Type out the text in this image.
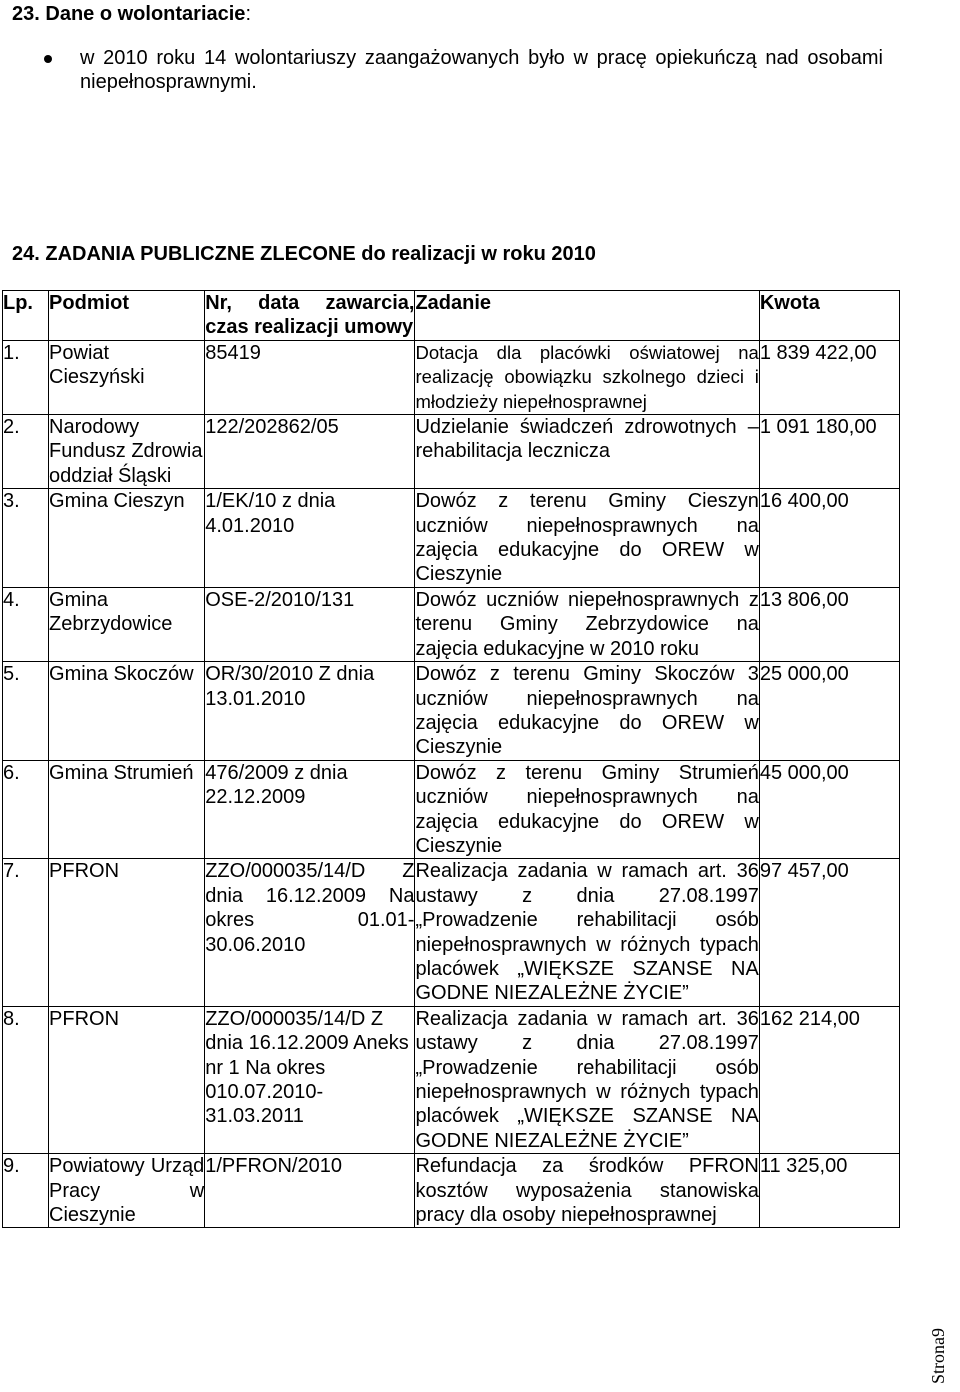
23. Dane o wolontariacie:
w 2010 roku 14 wolontariuszy zaangażowanych było w pracę opiekuńczą nad osobami niepełnosprawnymi.
24. ZADANIA PUBLICZNE ZLECONE do realizacji w roku 2010
Lp.	Podmiot	Nr, data zawarcia, czas realizacji umowy	Zadanie	Kwota
1.	Powiat Cieszyński	85419	Dotacja dla placówki oświatowej na realizację obowiązku szkolnego dzieci i młodzieży niepełnosprawnej	1 839 422,00
2.	Narodowy Fundusz Zdrowia oddział Śląski	122/202862/05	Udzielanie świadczeń zdrowotnych – rehabilitacja lecznicza	1 091 180,00
3.	Gmina Cieszyn	1/EK/10 z dnia 4.01.2010	Dowóz z terenu Gminy Cieszyn uczniów niepełnosprawnych na zajęcia edukacyjne do OREW w Cieszynie	16 400,00
4.	Gmina Zebrzydowice	OSE-2/2010/131	Dowóz uczniów niepełnosprawnych z terenu Gminy Zebrzydowice na zajęcia edukacyjne w 2010 roku	13 806,00
5.	Gmina Skoczów	OR/30/2010 Z dnia 13.01.2010	Dowóz z terenu Gminy Skoczów 3 uczniów niepełnosprawnych na zajęcia edukacyjne do OREW w Cieszynie	25 000,00
6.	Gmina Strumień	476/2009 z dnia 22.12.2009	Dowóz z terenu Gminy Strumień uczniów niepełnosprawnych na zajęcia edukacyjne do OREW w Cieszynie	45 000,00
7.	PFRON	ZZO/000035/14/D Z dnia 16.12.2009 Na okres 01.01-30.06.2010	Realizacja zadania w ramach art. 36 ustawy z dnia 27.08.1997 „Prowadzenie rehabilitacji osób niepełnosprawnych w różnych typach placówek „WIĘKSZE SZANSE NA GODNE NIEZALEŻNE ŻYCIE”	97 457,00
8.	PFRON	ZZO/000035/14/D Z dnia 16.12.2009 Aneks nr 1 Na okres 010.07.2010-31.03.2011	Realizacja zadania w ramach art. 36 ustawy z dnia 27.08.1997 „Prowadzenie rehabilitacji osób niepełnosprawnych w różnych typach placówek „WIĘKSZE SZANSE NA GODNE NIEZALEŻNE ŻYCIE”	162 214,00
9.	Powiatowy Urząd Pracy w Cieszynie	1/PFRON/2010	Refundacja za środków PFRON kosztów wyposażenia stanowiska pracy dla osoby niepełnosprawnej	11 325,00
Strona9
